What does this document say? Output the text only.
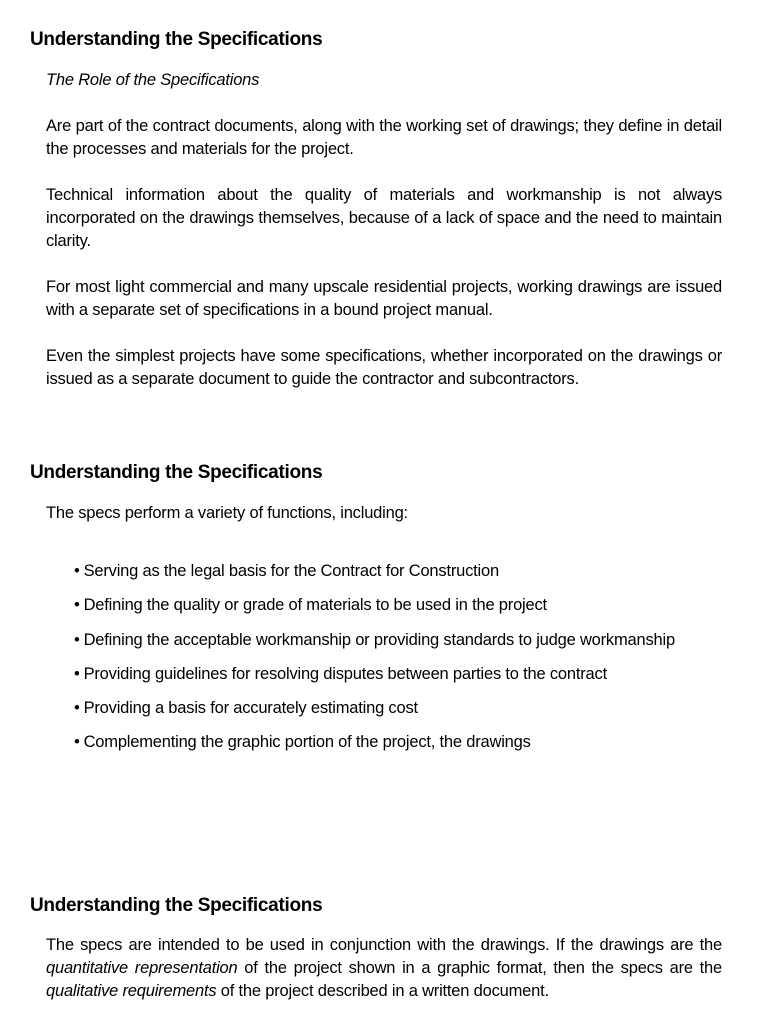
Understanding the Specifications
The Role of the Specifications

Are part of the contract documents, along with the working set of drawings; they define in detail the processes and materials for the project.

Technical information about the quality of materials and workmanship is not always incorporated on the drawings themselves, because of a lack of space and the need to maintain clarity.

For most light commercial and many upscale residential projects, working drawings are issued with a separate set of specifications in a bound project manual.

Even the simplest projects have some specifications, whether incorporated on the drawings or issued as a separate document to guide the contractor and subcontractors.

Understanding the Specifications

The specs perform a variety of functions, including:

• Serving as the legal basis for the Contract for Construction
• Defining the quality or grade of materials to be used in the project
• Defining the acceptable workmanship or providing standards to judge workmanship
• Providing guidelines for resolving disputes between parties to the contract
• Providing a basis for accurately estimating cost
• Complementing the graphic portion of the project, the drawings
Understanding the Specifications

The specs are intended to be used in conjunction with the drawings. If the drawings are the quantitative representation of the project shown in a graphic format, then the specs are the qualitative requirements of the project described in a written document.
